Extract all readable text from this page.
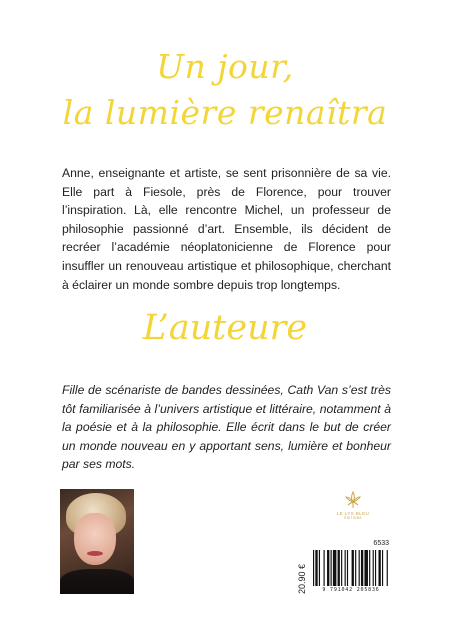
Un jour,
la lumière renaîtra

Anne, enseignante et artiste, se sent prisonnière de sa vie. Elle part à Fiesole, près de Florence, pour trouver l’inspiration. Là, elle rencontre Michel, un professeur de philosophie passionné d’art. Ensemble, ils décident de recréer l’académie néoplatonicienne de Florence pour insuffler un renouveau artistique et philosophique, cherchant à éclairer un monde sombre depuis trop longtemps.

L’auteure

Fille de scénariste de bandes dessinées, Cath Van s’est très tôt familiarisée à l’univers artistique et littéraire, notamment à la poésie et à la philosophie. Elle écrit dans le but de créer un monde nouveau en y apportant sens, lumière et bonheur par ses mots.

LE LYS BLEU
ÉDITIONS
6533
20.90 €	9 791042 205836
